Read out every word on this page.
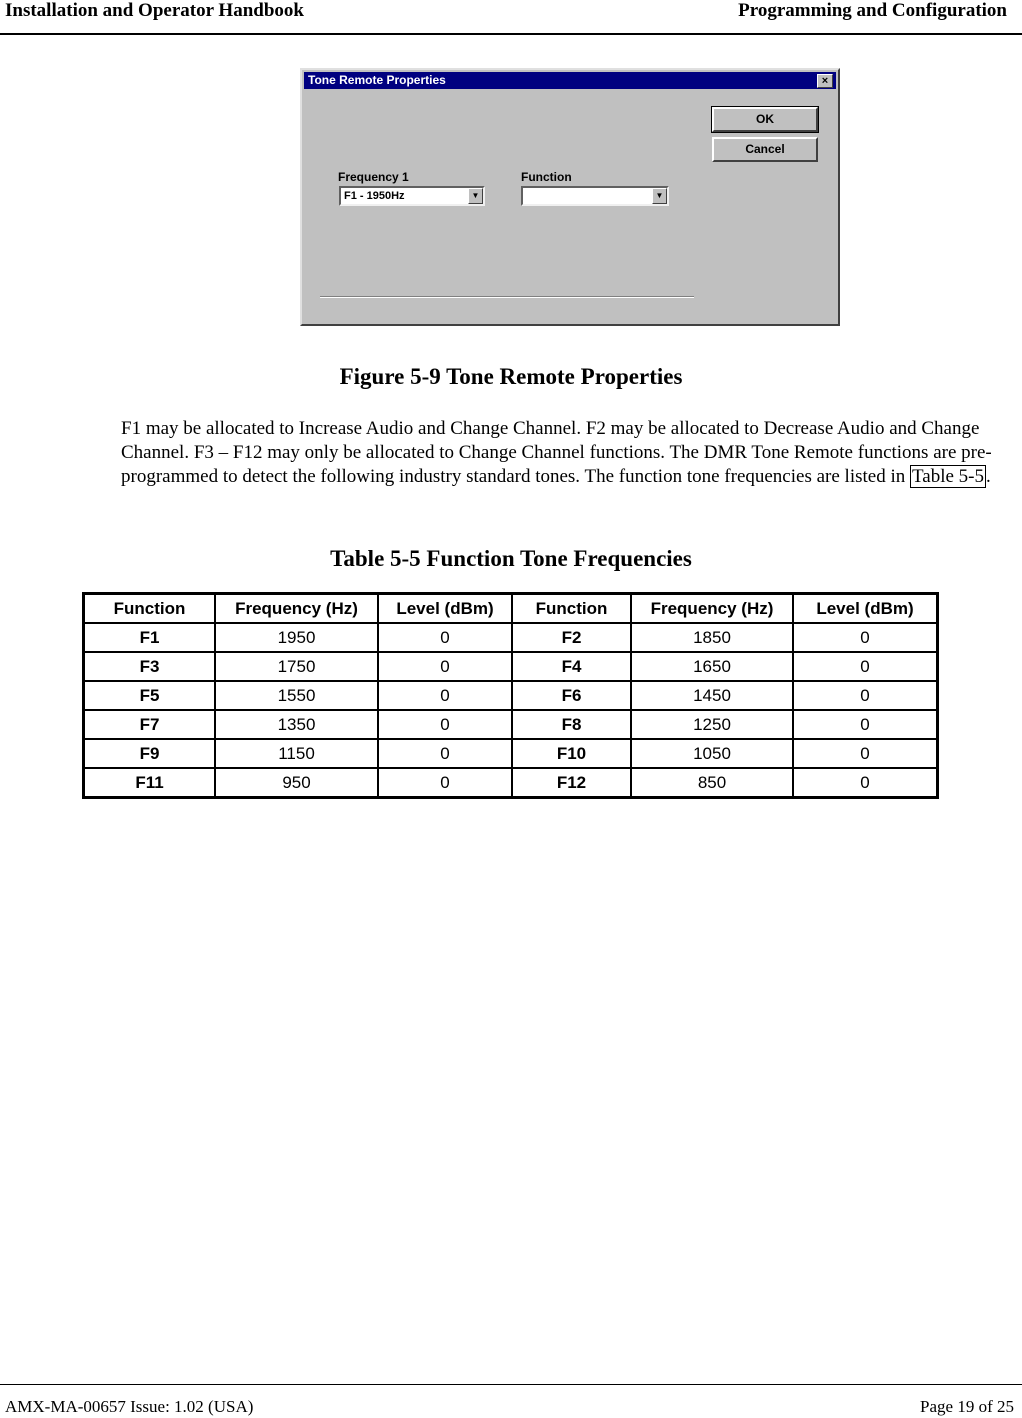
Installation and Operator Handbook	Programming and Configuration
Tone Remote Properties	×
OK
Cancel
Frequency 1
F1 - 1950Hz	▼
Function
▼
Figure 5-9 Tone Remote Properties
F1 may be allocated to Increase Audio and Change Channel. F2 may be allocated to Decrease Audio and Change Channel. F3 – F12 may only be allocated to Change Channel functions. The DMR Tone Remote functions are pre-programmed to detect the following industry standard tones. The function tone frequencies are listed in Table 5-5 .
Table 5-5 Function Tone Frequencies
Function	Frequency (Hz)	Level (dBm)	Function	Frequency (Hz)	Level (dBm)
F1	1950	0	F2	1850	0
F3	1750	0	F4	1650	0
F5	1550	0	F6	1450	0
F7	1350	0	F8	1250	0
F9	1150	0	F10	1050	0
F11	950	0	F12	850	0
AMX-MA-00657 Issue: 1.02 (USA)	Page 19 of 25
